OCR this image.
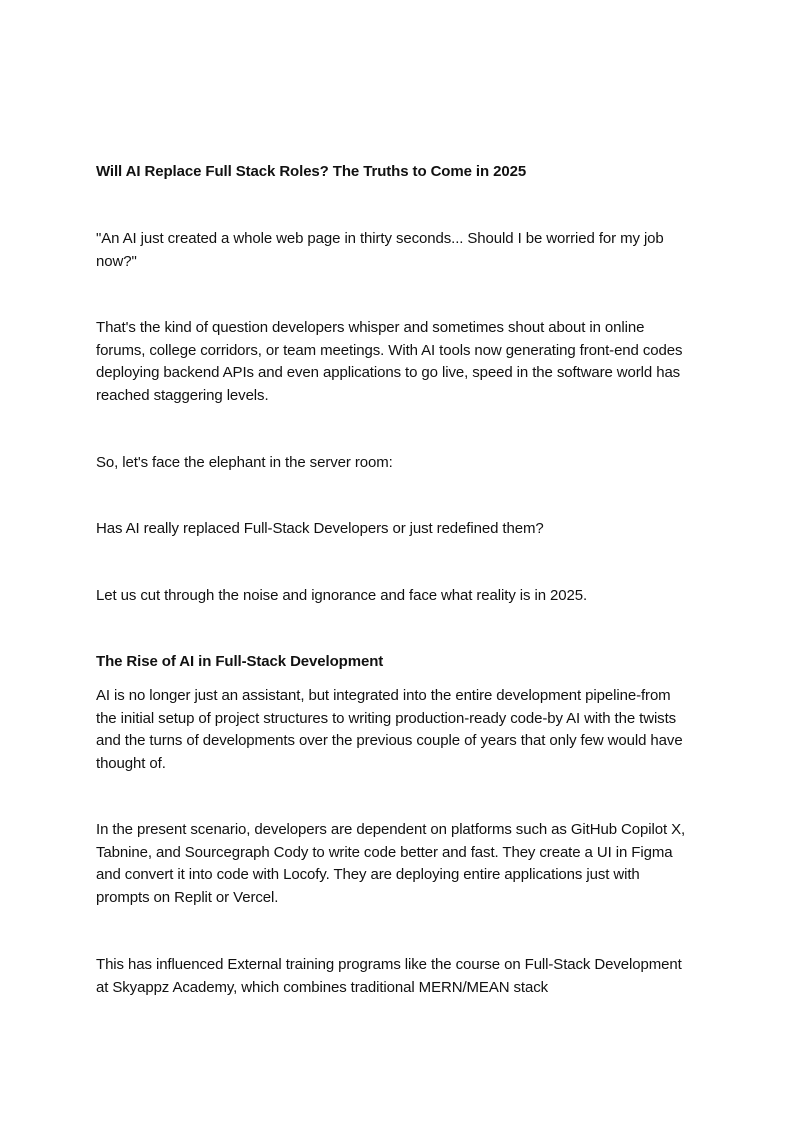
Will AI Replace Full Stack Roles? The Truths to Come in 2025

"An AI just created a whole web page in thirty seconds... Should I be worried for my job now?"

That's the kind of question developers whisper and sometimes shout about in online forums, college corridors, or team meetings. With AI tools now generating front-end codes deploying backend APIs and even applications to go live, speed in the software world has reached staggering levels.

So, let's face the elephant in the server room:

Has AI really replaced Full-Stack Developers or just redefined them?

Let us cut through the noise and ignorance and face what reality is in 2025.

The Rise of AI in Full-Stack Development

AI is no longer just an assistant, but integrated into the entire development pipeline-from the initial setup of project structures to writing production-ready code-by AI with the twists and the turns of developments over the previous couple of years that only few would have thought of.

In the present scenario, developers are dependent on platforms such as GitHub Copilot X, Tabnine, and Sourcegraph Cody to write code better and fast. They create a UI in Figma and convert it into code with Locofy. They are deploying entire applications just with prompts on Replit or Vercel.

This has influenced External training programs like the course on Full-Stack Development at Skyappz Academy, which combines traditional MERN/MEAN stack
